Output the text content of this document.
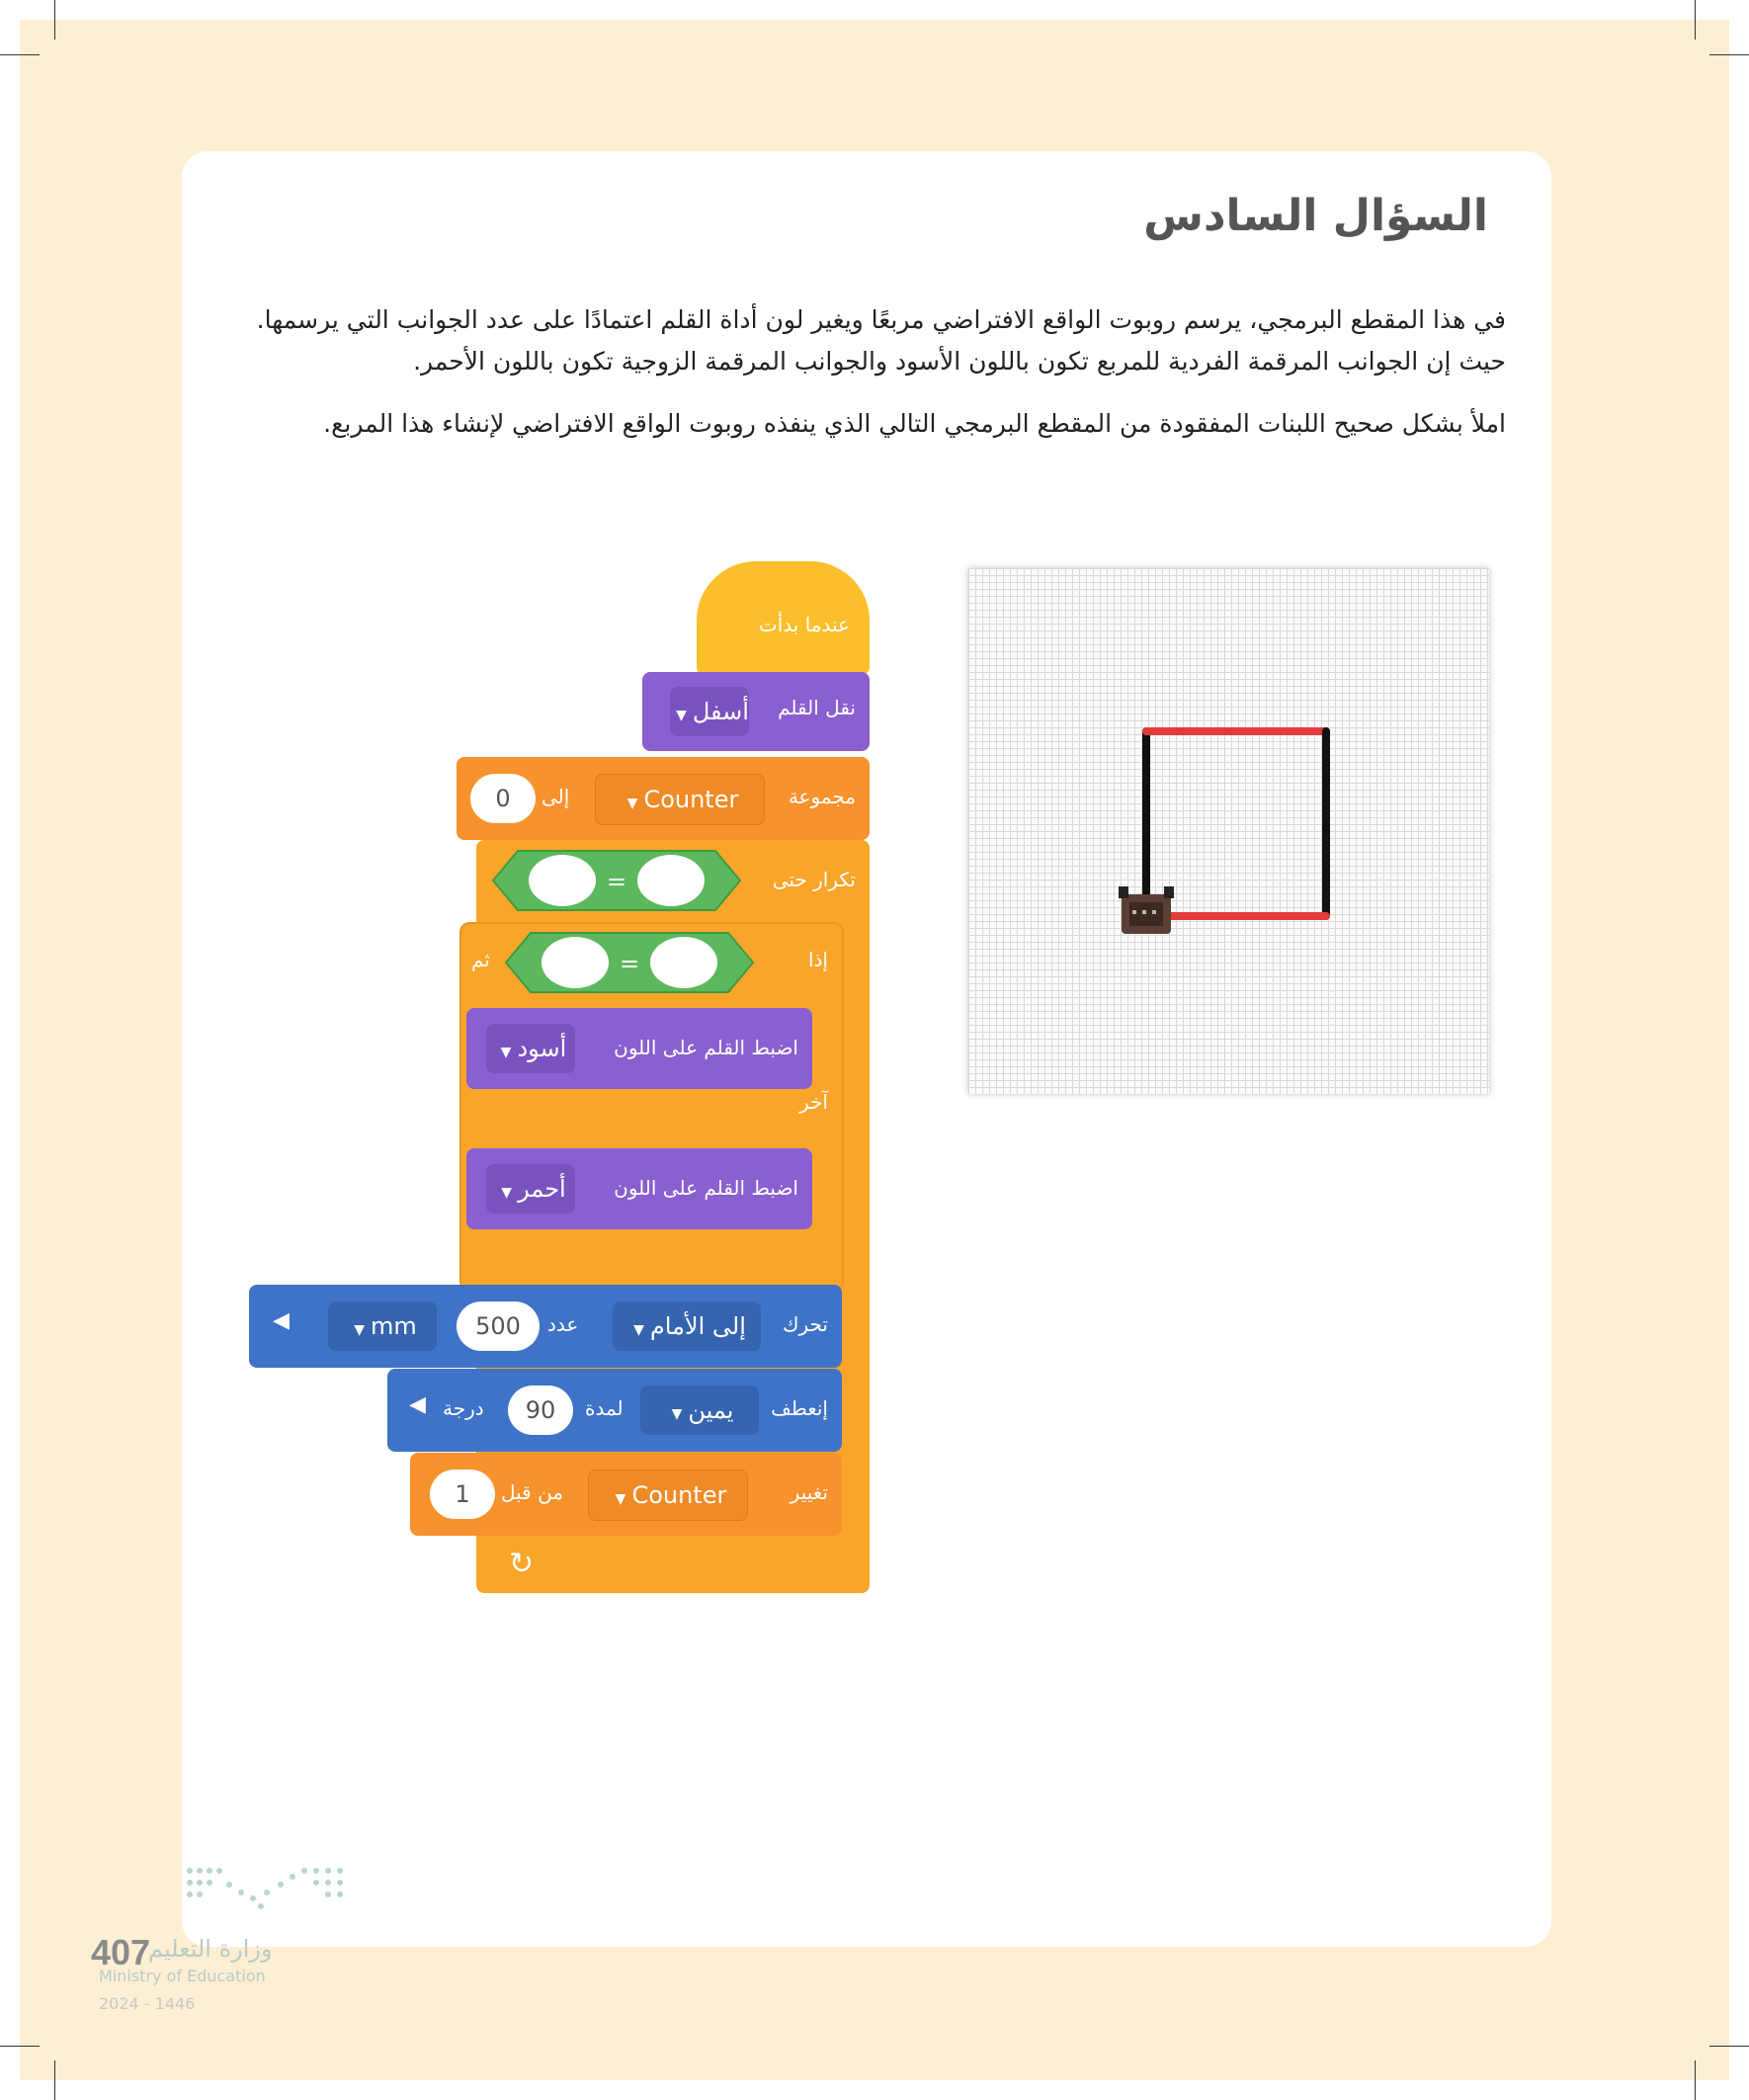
السؤال السادس
في هذا المقطع البرمجي، يرسم روبوت الواقع الافتراضي مربعًا ويغير لون أداة القلم اعتمادًا على عدد الجوانب التي يرسمها.
حيث إن الجوانب المرقمة الفردية للمربع تكون باللون الأسود والجوانب المرقمة الزوجية تكون باللون الأحمر.
املأ بشكل صحيح اللبنات المفقودة من المقطع البرمجي التالي الذي ينفذه روبوت الواقع الافتراضي لإنشاء هذا المربع.
عندما بدأت
نقل القلم
▼ أسفل
مجموعة
▼ Counter
إلى
0
تكرار حتى
=
إذا
ثم	=
آخر
اضبط القلم على اللون
▼ أسود
اضبط القلم على اللون
▼ أحمر
تحرك
▼ إلى الأمام
عدد
500
▼ mm
◀
إنعطف
▼ يمين
لمدة
90
درجة
◀
تغيير
▼ Counter
من قبل
1
↻
وزارة التعليم
407
Ministry of Education
2024 - 1446
